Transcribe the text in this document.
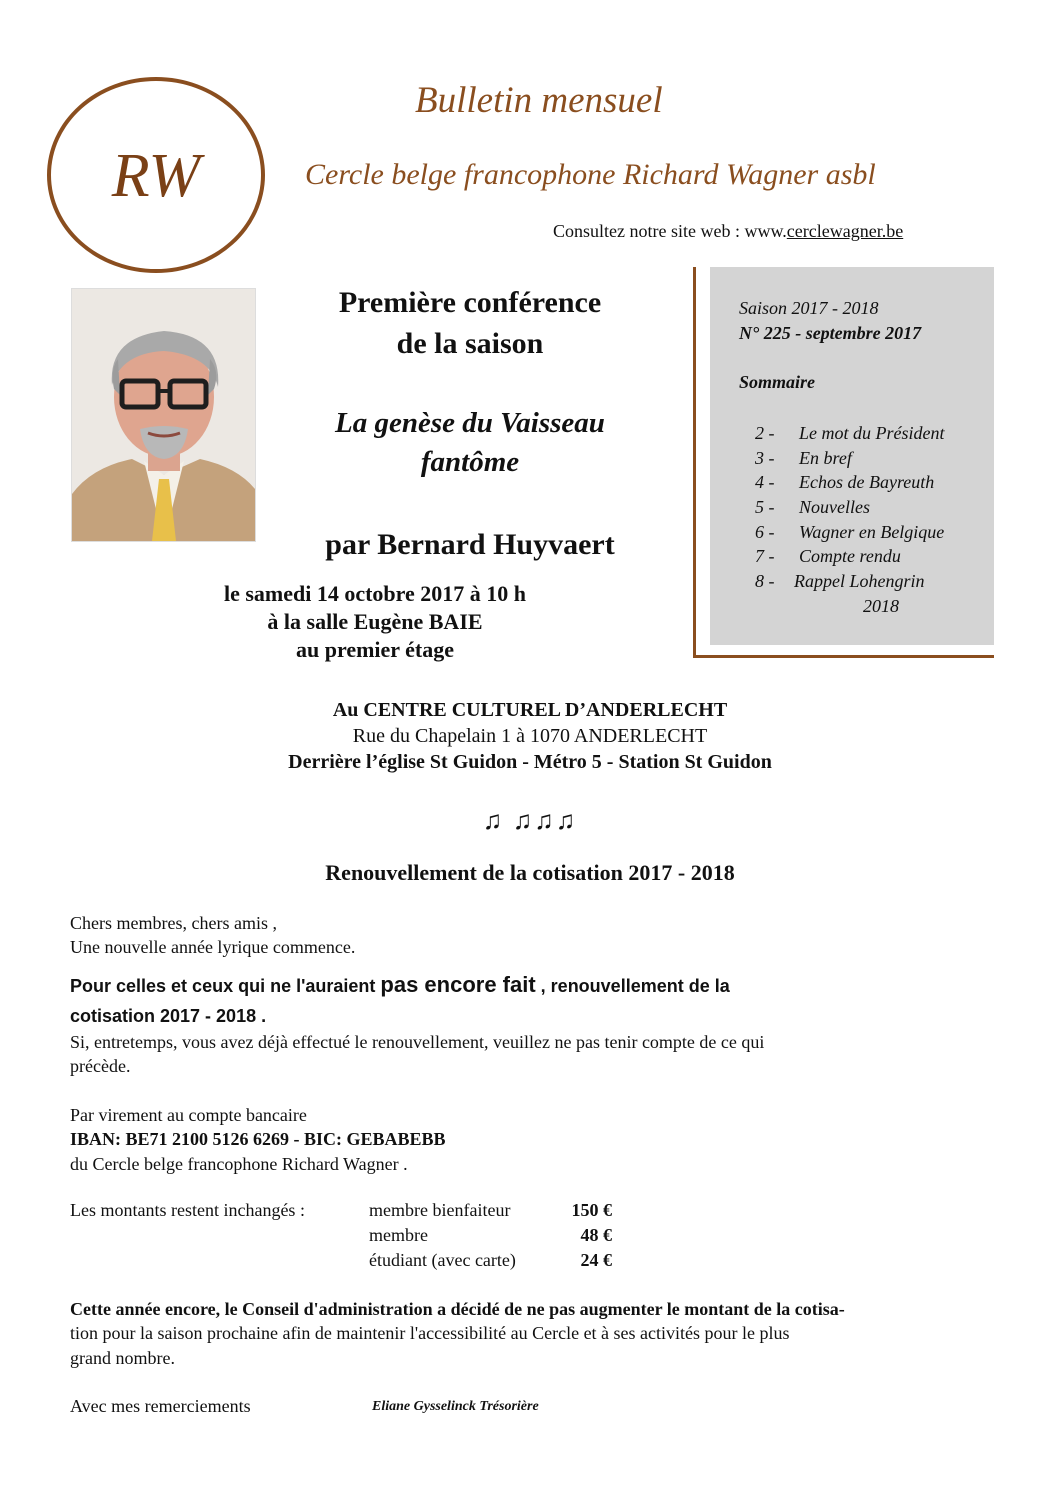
RW
Bulletin mensuel
Cercle belge francophone Richard Wagner asbl
Consultez notre site web : www.cerclewagner.be
Saison 2017 - 2018
N° 225 - septembre 2017
Sommaire
2 - Le mot du Président
3 - En bref
4 - Echos de Bayreuth
5 - Nouvelles
6 - Wagner en Belgique
7 - Compte rendu
8 - Rappel Lohengrin
2018
Première conférence
de la saison
La genèse du Vaisseau
fantôme
par Bernard Huyvaert
le samedi 14 octobre 2017 à 10 h
à la salle Eugène BAIE
au premier étage
Au CENTRE CULTUREL D’ANDERLECHT
Rue du Chapelain 1 à 1070 ANDERLECHT
Derrière l’église St Guidon - Métro 5 - Station St Guidon
♫ ♫♫♫
Renouvellement de la cotisation 2017 - 2018
Chers membres, chers amis ,
Une nouvelle année lyrique commence.
Pour celles et ceux qui ne l'auraient pas encore fait , renouvellement de la
cotisation 2017 - 2018 .
Si, entretemps, vous avez déjà effectué le renouvellement, veuillez ne pas tenir compte de ce qui
précède.
Par virement au compte bancaire
IBAN: BE71 2100 5126 6269 - BIC: GEBABEBB
du Cercle belge francophone Richard Wagner .
Les montants restent inchangés :	membre bienfaiteur	150 €
membre	48 €
étudiant (avec carte)	24 €
Cette année encore, le Conseil d'administration a décidé de ne pas augmenter le montant de la cotisa-
tion pour la saison prochaine afin de maintenir l'accessibilité au Cercle et à ses activités pour le plus
grand nombre.
Avec mes remerciements	Eliane Gysselinck Trésorière
